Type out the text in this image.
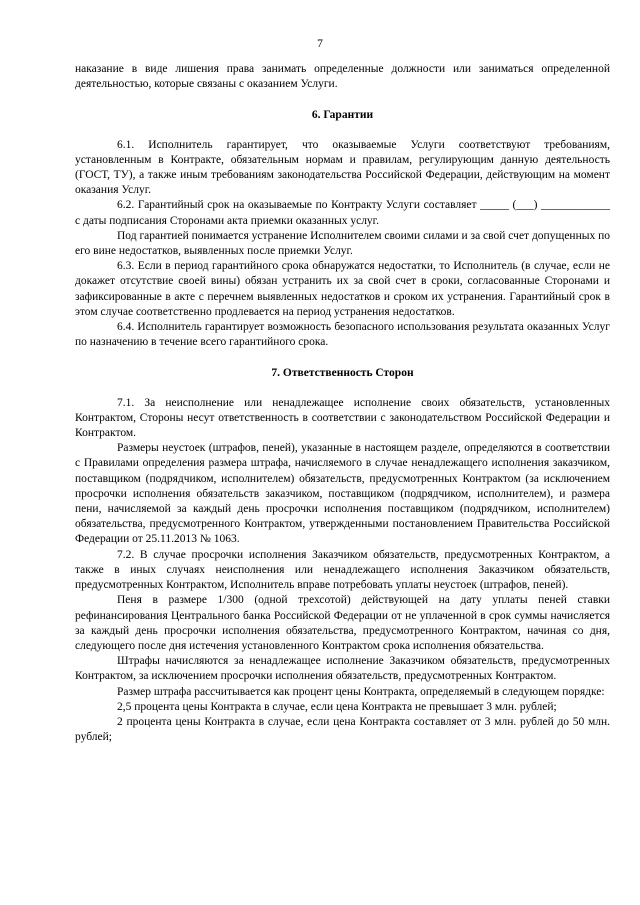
7

наказание в виде лишения права занимать определенные должности или заниматься определенной деятельностью, которые связаны с оказанием Услуги.

6. Гарантии

6.1. Исполнитель гарантирует, что оказываемые Услуги соответствуют требованиям, установленным в Контракте, обязательным нормам и правилам, регулирующим данную деятельность (ГОСТ, ТУ), а также иным требованиям законодательства Российской Федерации, действующим на момент оказания Услуг.

6.2. Гарантийный срок на оказываемые по Контракту Услуги составляет _____ (___) ____________ с даты подписания Сторонами акта приемки оказанных услуг.

Под гарантией понимается устранение Исполнителем своими силами и за свой счет допущенных по его вине недостатков, выявленных после приемки Услуг.

6.3. Если в период гарантийного срока обнаружатся недостатки, то Исполнитель (в случае, если не докажет отсутствие своей вины) обязан устранить их за свой счет в сроки, согласованные Сторонами и зафиксированные в акте с перечнем выявленных недостатков и сроком их устранения. Гарантийный срок в этом случае соответственно продлевается на период устранения недостатков.

6.4. Исполнитель гарантирует возможность безопасного использования результата оказанных Услуг по назначению в течение всего гарантийного срока.

7. Ответственность Сторон

7.1. За неисполнение или ненадлежащее исполнение своих обязательств, установленных Контрактом, Стороны несут ответственность в соответствии с законодательством Российской Федерации и Контрактом.

Размеры неустоек (штрафов, пеней), указанные в настоящем разделе, определяются в соответствии с Правилами определения размера штрафа, начисляемого в случае ненадлежащего исполнения заказчиком, поставщиком (подрядчиком, исполнителем) обязательств, предусмотренных Контрактом (за исключением просрочки исполнения обязательств заказчиком, поставщиком (подрядчиком, исполнителем), и размера пени, начисляемой за каждый день просрочки исполнения поставщиком (подрядчиком, исполнителем) обязательства, предусмотренного Контрактом, утвержденными постановлением Правительства Российской Федерации от 25.11.2013 № 1063.

7.2. В случае просрочки исполнения Заказчиком обязательств, предусмотренных Контрактом, а также в иных случаях неисполнения или ненадлежащего исполнения Заказчиком обязательств, предусмотренных Контрактом, Исполнитель вправе потребовать уплаты неустоек (штрафов, пеней).

Пеня в размере 1/300 (одной трехсотой) действующей на дату уплаты пеней ставки рефинансирования Центрального банка Российской Федерации от не уплаченной в срок суммы начисляется за каждый день просрочки исполнения обязательства, предусмотренного Контрактом, начиная со дня, следующего после дня истечения установленного Контрактом срока исполнения обязательства.

Штрафы начисляются за ненадлежащее исполнение Заказчиком обязательств, предусмотренных Контрактом, за исключением просрочки исполнения обязательств, предусмотренных Контрактом.

Размер штрафа рассчитывается как процент цены Контракта, определяемый в следующем порядке:

2,5 процента цены Контракта в случае, если цена Контракта не превышает 3 млн. рублей;

2 процента цены Контракта в случае, если цена Контракта составляет от 3 млн. рублей до 50 млн. рублей;
